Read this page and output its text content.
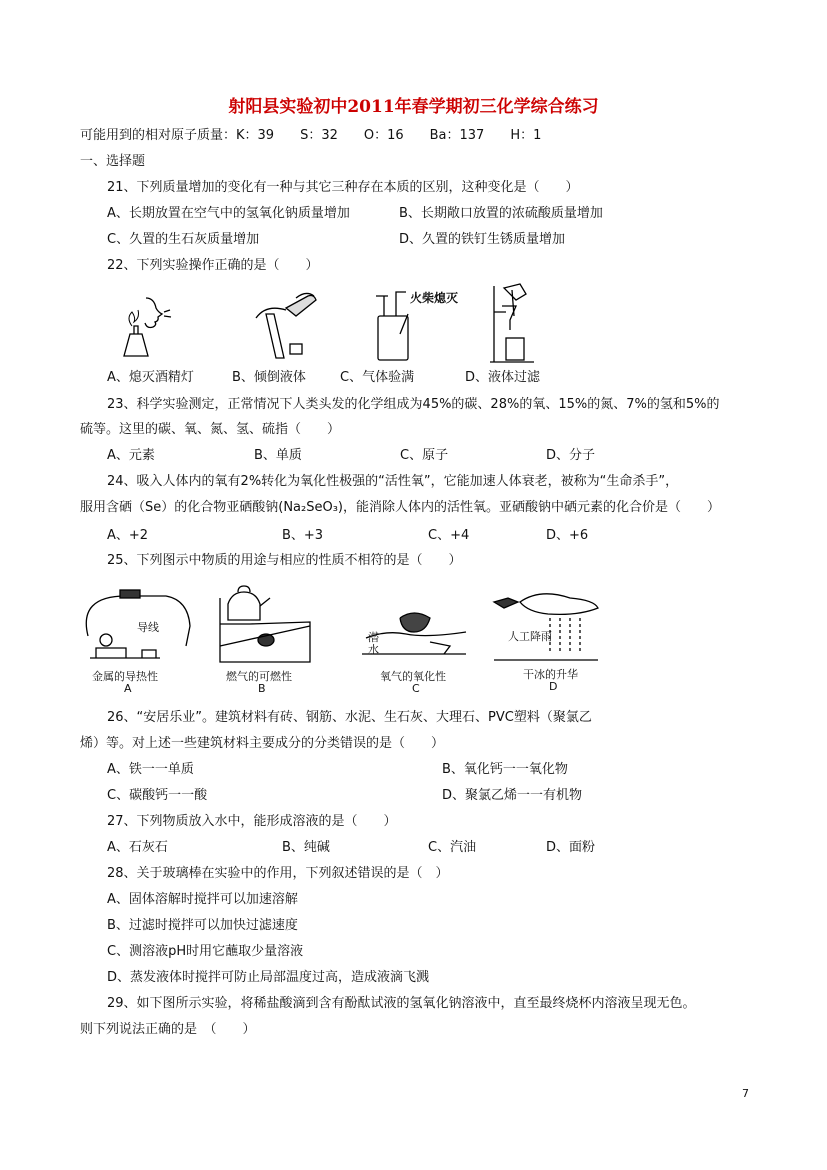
射阳县实验初中2011年春学期初三化学综合练习
可能用到的相对原子质量：K：39　　S：32　　O：16　　Ba：137　　H：1
一、选择题
21、下列质量增加的变化有一种与其它三种存在本质的区别，这种变化是（　　）
A、长期放置在空气中的氢氧化钠质量增加	B、长期敞口放置的浓硫酸质量增加
C、久置的生石灰质量增加	D、久置的铁钉生锈质量增加
22、下列实验操作正确的是（　　）
火柴熄灭
A、熄灭酒精灯	B、倾倒液体	C、气体验满	D、液体过滤
23、科学实验测定，正常情况下人类头发的化学组成为45%的碳、28%的氧、15%的氮、7%的氢和5%的
硫等。这里的碳、氧、氮、氢、硫指（　　）
A、元素	B、单质	C、原子	D、分子
24、吸入人体内的氧有2%转化为氧化性极强的“活性氧”，它能加速人体衰老，被称为“生命杀手”，
服用含硒（Se）的化合物亚硒酸钠(Na₂SeO₃)，能消除人体内的活性氧。亚硒酸钠中硒元素的化合价是（　　）
A、+2	B、+3	C、+4	D、+6
25、下列图示中物质的用途与相应的性质不相符的是（　　）
导线
金属的导热性
A
燃气的可燃性
B
潜水
氧气的氧化性
C
人工降雨
干冰的升华
D
26、“安居乐业”。建筑材料有砖、钢筋、水泥、生石灰、大理石、PVC塑料（聚氯乙
烯）等。对上述一些建筑材料主要成分的分类错误的是（　　）
A、铁一一单质	B、氧化钙一一氧化物
C、碳酸钙一一酸	D、聚氯乙烯一一有机物
27、下列物质放入水中，能形成溶液的是（　　）
A、石灰石	B、纯碱	C、汽油	D、面粉
28、关于玻璃棒在实验中的作用，下列叙述错误的是（　）
A、固体溶解时搅拌可以加速溶解
B、过滤时搅拌可以加快过滤速度
C、测溶液pH时用它蘸取少量溶液
D、蒸发液体时搅拌可防止局部温度过高，造成液滴飞溅
29、如下图所示实验，将稀盐酸滴到含有酚酞试液的氢氧化钠溶液中，直至最终烧杯内溶液呈现无色。
则下列说法正确的是　（　　）
7
